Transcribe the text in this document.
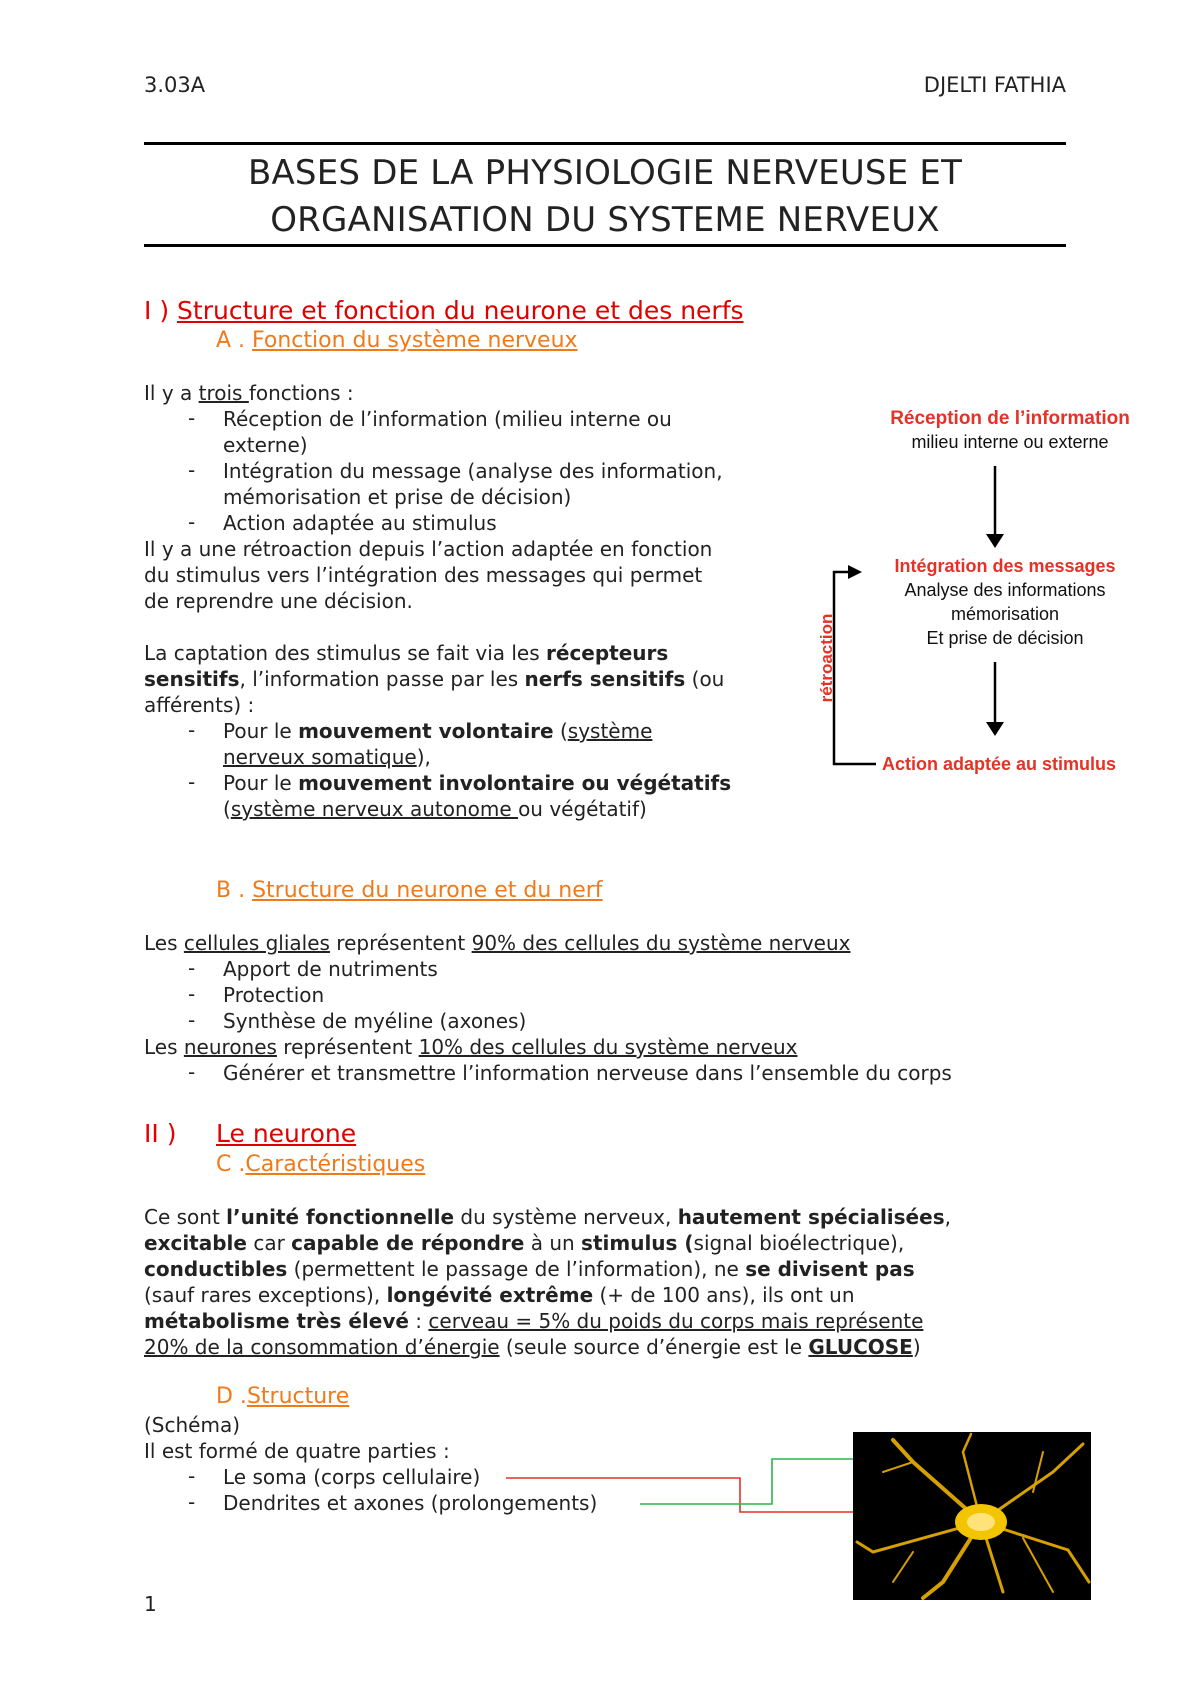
3.03A	DJELTI FATHIA
BASES DE LA PHYSIOLOGIE NERVEUSE ET
ORGANISATION DU SYSTEME NERVEUX
I ) Structure et fonction du neurone et des nerfs
A . Fonction du système nerveux
Il y a trois fonctions :
- Réception de l’information (milieu interne ou
externe)
- Intégration du message (analyse des information,
mémorisation et prise de décision)
- Action adaptée au stimulus
Il y a une rétroaction depuis l’action adaptée en fonction
du stimulus vers l’intégration des messages qui permet
de reprendre une décision.
La captation des stimulus se fait via les récepteurs
sensitifs, l’information passe par les nerfs sensitifs (ou
afférents) :
- Pour le mouvement volontaire (système
nerveux somatique),
- Pour le mouvement involontaire ou végétatifs
(système nerveux autonome ou végétatif)
Réception de l’information
milieu interne ou externe
Intégration des messages
Analyse des informations
mémorisation
Et prise de décision
Action adaptée au stimulus
rétroaction
B . Structure du neurone et du nerf
Les cellules gliales représentent 90% des cellules du système nerveux
- Apport de nutriments
- Protection
- Synthèse de myéline (axones)
Les neurones représentent 10% des cellules du système nerveux
- Générer et transmettre l’information nerveuse dans l’ensemble du corps
II ) Le neurone
C .Caractéristiques
Ce sont l’unité fonctionnelle du système nerveux, hautement spécialisées,
excitable car capable de répondre à un stimulus (signal bioélectrique),
conductibles (permettent le passage de l’information), ne se divisent pas
(sauf rares exceptions), longévité extrême (+ de 100 ans), ils ont un
métabolisme très élevé : cerveau = 5% du poids du corps mais représente
20% de la consommation d’énergie (seule source d’énergie est le GLUCOSE)
D .Structure
(Schéma)
Il est formé de quatre parties :
- Le soma (corps cellulaire)
- Dendrites et axones (prolongements)
1
